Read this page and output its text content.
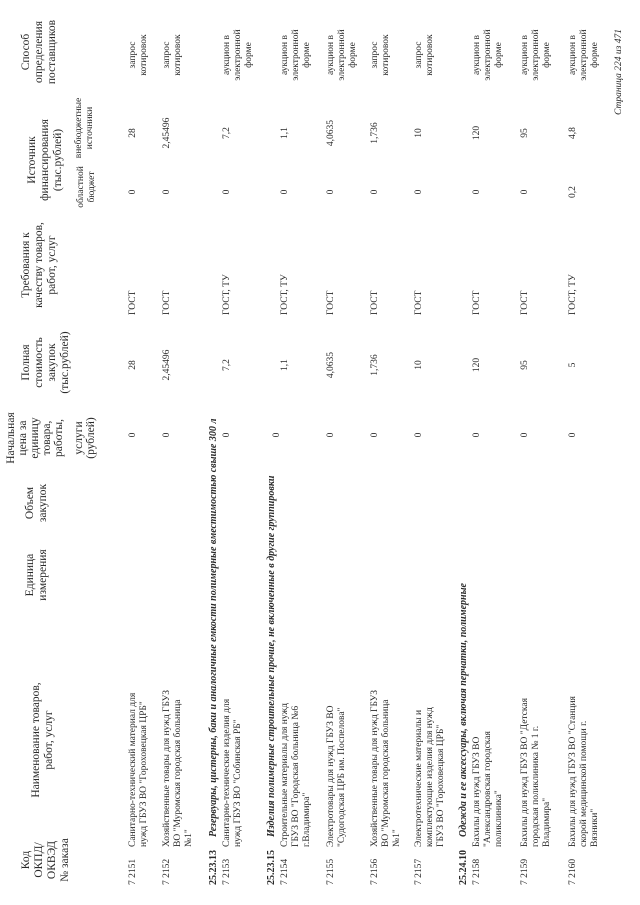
Код ОКПД/ ОКВЭД № заказа
Наименование товаров, работ, услуг
Единица измерения
Объем закупок
Начальная цена за единицу товара, работы, услуги (рублей)
Полная стоимость закупок (тыс.рублей)
Требования к качеству товаров, работ, услуг
Источник финансирования (тыс.рублей) областной бюджет
внебюджетные источники
Способ определения поставщиков
7 2151
Санитарно-технический материал для нужд ГБУЗ ВО "Гороховецкая ЦРБ"
0
28
ГОСТ
0
28
запрос котировок
7 2152
Хозяйственные товары для нужд ГБУЗ ВО "Муромская городская больница №1"
0
2,45496
ГОСТ
0
2,45496
запрос котировок
25.23.13
Резервуары, цистерны, баки и аналогичные емкости полимерные вместимостью свыше 300 л
7 2153
Санитарно-технические изделия для нужд ГБУЗ ВО "Собинская РБ"
0
7,2
ГОСТ, ТУ
0
7,2
аукцион в электронной форме
25.23.15
Изделия полимерные строительные прочие, не включенные в другие группировки
7 2154
Строительные материалы для нужд ГБУЗ ВО "Городская больница №6 г.Владимира"
0
1,1
ГОСТ, ТУ
0
1,1
аукцион в электронной форме
7 2155
Электротовары для нужд ГБУЗ ВО "Судогодская ЦРБ им. Поспелова"
0
4,0635
ГОСТ
0
4,0635
аукцион в электронной форме
7 2156
Хозяйственные товары для нужд ГБУЗ ВО "Муромская городская больница №1"
0
1,736
ГОСТ
0
1,736
запрос котировок
7 2157
Электротехнические материалы и комплектующие изделия для нужд ГБУЗ ВО "Гороховецкая ЦРБ"
0
10
ГОСТ
0
10
запрос котировок
25.24.10
Одежда и ее аксессуары, включая перчатки, полимерные
7 2158
Бахилы для нужд ГБУЗ ВО "Александровская городская поликлиника"
0
120
ГОСТ
0
120
аукцион в электронной форме
7 2159
Бахилы для нужд ГБУЗ ВО "Детская городская поликлиника № 1 г. Владимира"
0
95
ГОСТ
0
95
аукцион в электронной форме
7 2160
Бахилы для нужд ГБУЗ ВО "Станция скорой медицинской помощи г. Вязники"
0
5
ГОСТ, ТУ
0,2
4,8
аукцион в электронной форме Страница 224 из 471
